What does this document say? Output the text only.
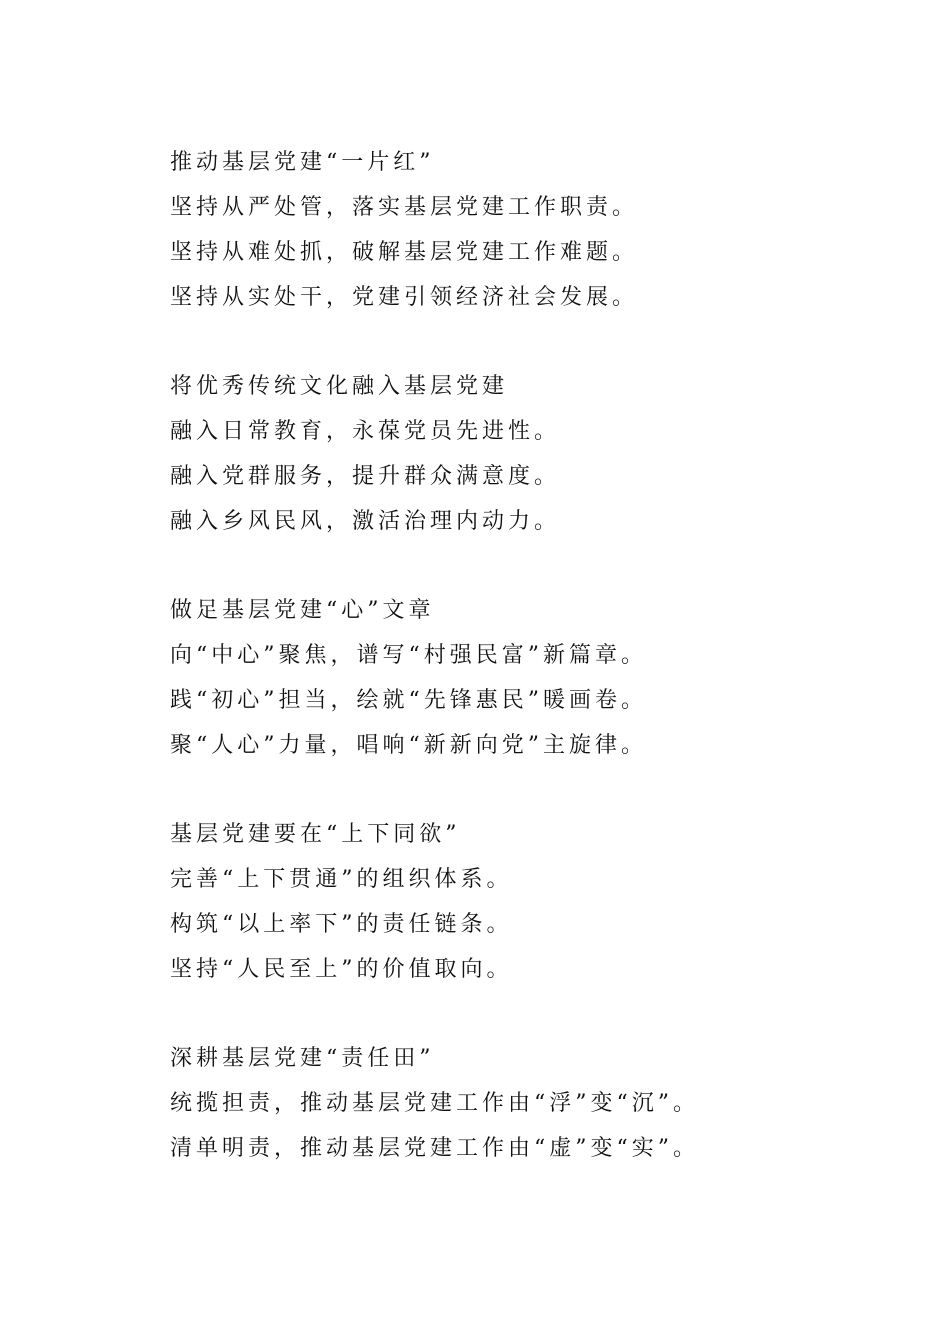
推动基层党建“一片红”
坚持从严处管，落实基层党建工作职责。
坚持从难处抓，破解基层党建工作难题。
坚持从实处干，党建引领经济社会发展。
将优秀传统文化融入基层党建
融入日常教育，永葆党员先进性。
融入党群服务，提升群众满意度。
融入乡风民风，激活治理内动力。
做足基层党建“心”文章
向“中心”聚焦，谱写“村强民富”新篇章。
践“初心”担当，绘就“先锋惠民”暖画卷。
聚“人心”力量，唱响“新新向党”主旋律。
基层党建要在“上下同欲”
完善“上下贯通”的组织体系。
构筑“以上率下”的责任链条。
坚持“人民至上”的价值取向。
深耕基层党建“责任田”
统揽担责，推动基层党建工作由“浮”变“沉”。
清单明责，推动基层党建工作由“虚”变“实”。
